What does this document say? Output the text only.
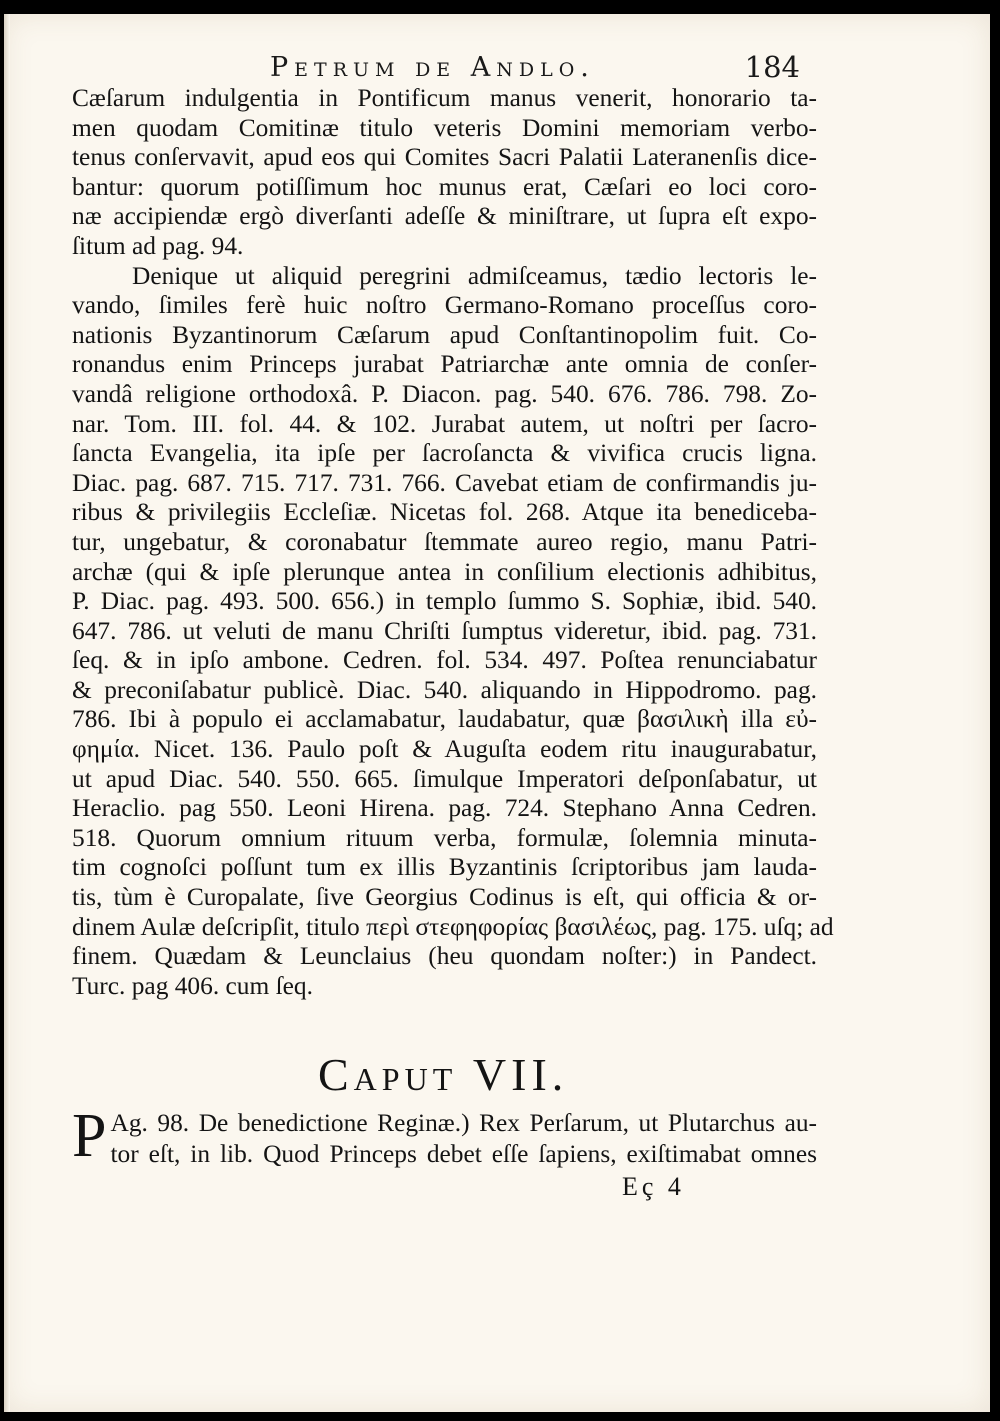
Petrum de Andlo.	184
Cæſarum indulgentia in Pontificum manus venerit, honorario ta-
men quodam Comitinæ titulo veteris Domini memoriam verbo-
tenus conſervavit, apud eos qui Comites Sacri Palatii Lateranenſis dice-
bantur: quorum potiſſimum hoc munus erat, Cæſari eo loci coro-
næ accipiendæ ergò diverſanti adeſſe & miniſtrare, ut ſupra eſt expo-
ſitum ad pag. 94.
Denique ut aliquid peregrini admiſceamus, tædio lectoris le-
vando, ſimiles ferè huic noſtro Germano-Romano proceſſus coro-
nationis Byzantinorum Cæſarum apud Conſtantinopolim fuit. Co-
ronandus enim Princeps jurabat Patriarchæ ante omnia de conſer-
vandâ religione orthodoxâ. P. Diacon. pag. 540. 676. 786. 798. Zo-
nar. Tom. III. fol. 44. & 102. Jurabat autem, ut noſtri per ſacro-
ſancta Evangelia, ita ipſe per ſacroſancta & vivifica crucis ligna.
Diac. pag. 687. 715. 717. 731. 766. Cavebat etiam de confirmandis ju-
ribus & privilegiis Eccleſiæ. Nicetas fol. 268. Atque ita benediceba-
tur, ungebatur, & coronabatur ſtemmate aureo regio, manu Patri-
archæ (qui & ipſe plerunque antea in conſilium electionis adhibitus,
P. Diac. pag. 493. 500. 656.) in templo ſummo S. Sophiæ, ibid. 540.
647. 786. ut veluti de manu Chriſti ſumptus videretur, ibid. pag. 731.
ſeq. & in ipſo ambone. Cedren. fol. 534. 497. Poſtea renunciabatur
& preconiſabatur publicè. Diac. 540. aliquando in Hippodromo. pag.
786. Ibi à populo ei acclamabatur, laudabatur, quæ βασιλικὴ illa εὐ-
φημία. Nicet. 136. Paulo poſt & Auguſta eodem ritu inaugurabatur,
ut apud Diac. 540. 550. 665. ſimulque Imperatori deſponſabatur, ut
Heraclio. pag 550. Leoni Hirena. pag. 724. Stephano Anna Cedren.
518. Quorum omnium rituum verba, formulæ, ſolemnia minuta-
tim cognoſci poſſunt tum ex illis Byzantinis ſcriptoribus jam lauda-
tis, tùm è Curopalate, ſive Georgius Codinus is eſt, qui officia & or-
dinem Aulæ deſcripſit, titulo περὶ στεφηφορίας βασιλέως, pag. 175. uſq; ad
finem. Quædam & Leunclaius (heu quondam noſter:) in Pandect.
Turc. pag 406. cum ſeq.
Caput VII.
P Ag. 98. De benedictione Reginæ.) Rex Perſarum, ut Plutarchus au-
tor eſt, in lib. Quod Princeps debet eſſe ſapiens, exiſtimabat omnes
Eç 4
